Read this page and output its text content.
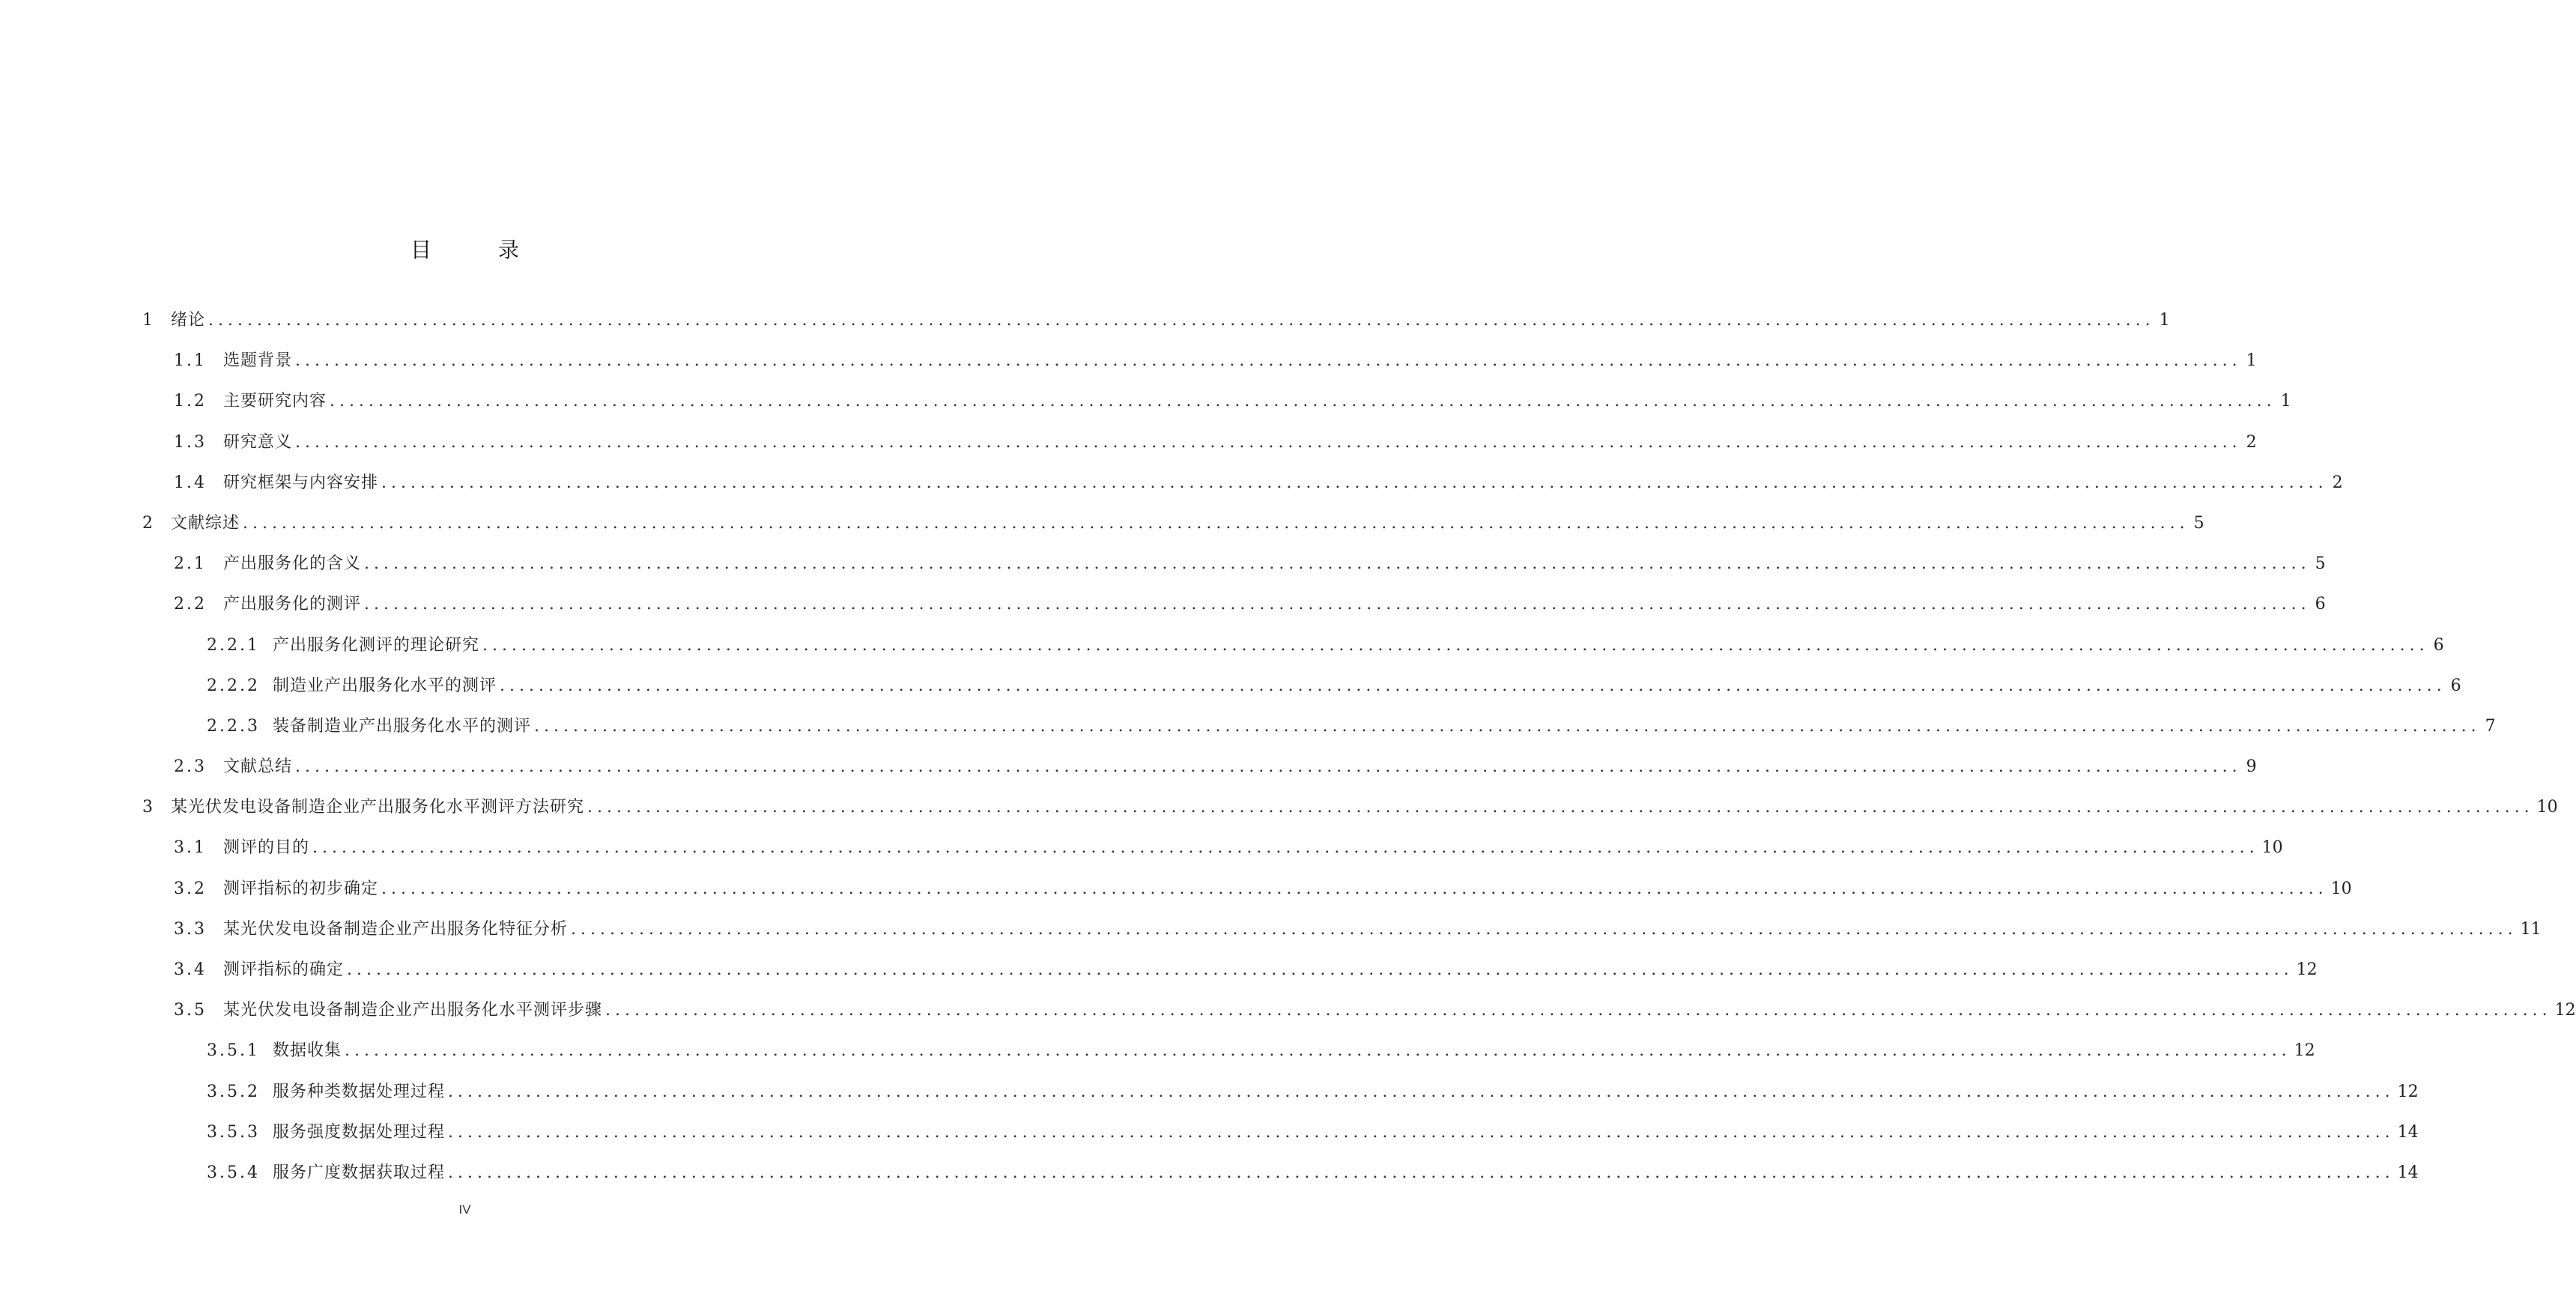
目 录
1 绪论 ........................................................................................................................................................................................................ 1
1.1	选题背景 ........................................................................................................................................................................................................ 1
1.2	主要研究内容 ........................................................................................................................................................................................................ 1
1.3	研究意义 ........................................................................................................................................................................................................ 2
1.4	研究框架与内容安排 ........................................................................................................................................................................................................ 2
2 文献综述 ........................................................................................................................................................................................................ 5
2.1	产出服务化的含义 ........................................................................................................................................................................................................ 5
2.2	产出服务化的测评 ........................................................................................................................................................................................................ 6
2.2.1 产出服务化测评的理论研究 ........................................................................................................................................................................................................ 6
2.2.2 制造业产出服务化水平的测评 ........................................................................................................................................................................................................ 6
2.2.3 装备制造业产出服务化水平的测评 ........................................................................................................................................................................................................ 7
2.3	文献总结 ........................................................................................................................................................................................................ 9
3 某光伏发电设备制造企业产出服务化水平测评方法研究 ........................................................................................................................................................................................................ 10
3.1	测评的目的 ........................................................................................................................................................................................................ 10
3.2	测评指标的初步确定 ........................................................................................................................................................................................................ 10
3.3	某光伏发电设备制造企业产出服务化特征分析 ........................................................................................................................................................................................................ 11
3.4	测评指标的确定 ........................................................................................................................................................................................................ 12
3.5	某光伏发电设备制造企业产出服务化水平测评步骤 ........................................................................................................................................................................................................ 12
3.5.1 数据收集 ........................................................................................................................................................................................................ 12
3.5.2 服务种类数据处理过程 ........................................................................................................................................................................................................ 12
3.5.3 服务强度数据处理过程 ........................................................................................................................................................................................................ 14
3.5.4 服务广度数据获取过程 ........................................................................................................................................................................................................ 14
IV
